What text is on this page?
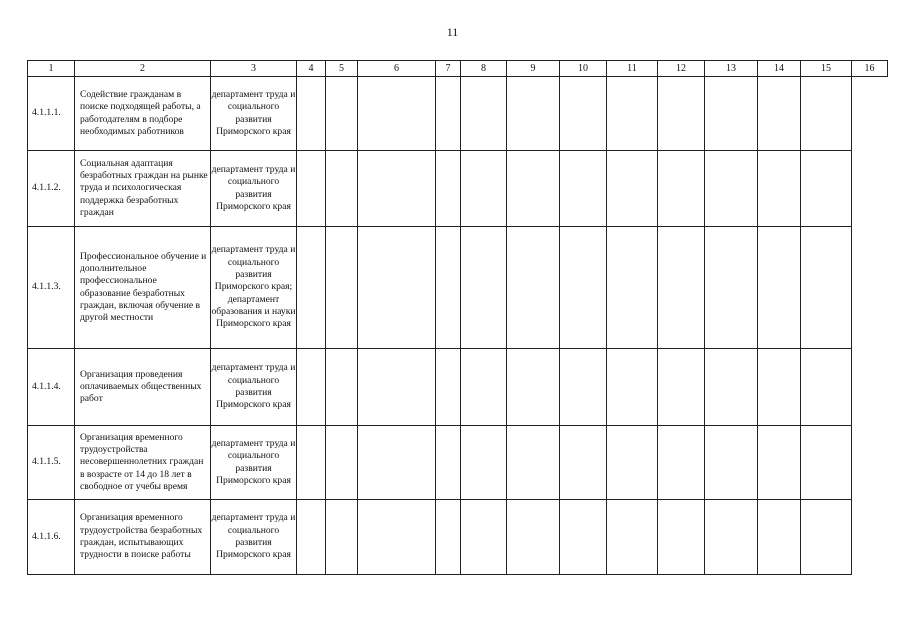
11
1	2	3	4	5	6	7	8	9	10	11	12	13	14	15	16
4.1.1.1.	Содействие гражданам в поиске подходящей работы, а работодателям в подборе необходимых работников	департамент труда и социального развития Приморского края													
4.1.1.2.	Социальная адаптация безработных граждан на рынке труда и психологическая поддержка безработных граждан	департамент труда и социального развития Приморского края													
4.1.1.3.	Профессиональное обучение и дополнительное профессиональное образование безработных граждан, включая обучение в другой местности	департамент труда и социального развития Приморского края; департамент образования и науки Приморского края													
4.1.1.4.	Организация проведения оплачиваемых общественных работ	департамент труда и социального развития Приморского края													
4.1.1.5.	Организация временного трудоустройства несовершеннолетних граждан в возрасте от 14 до 18 лет в свободное от учебы время	департамент труда и социального развития Приморского края													
4.1.1.6.	Организация временного трудоустройства безработных граждан, испытывающих трудности в поиске работы	департамент труда и социального развития Приморского края													
